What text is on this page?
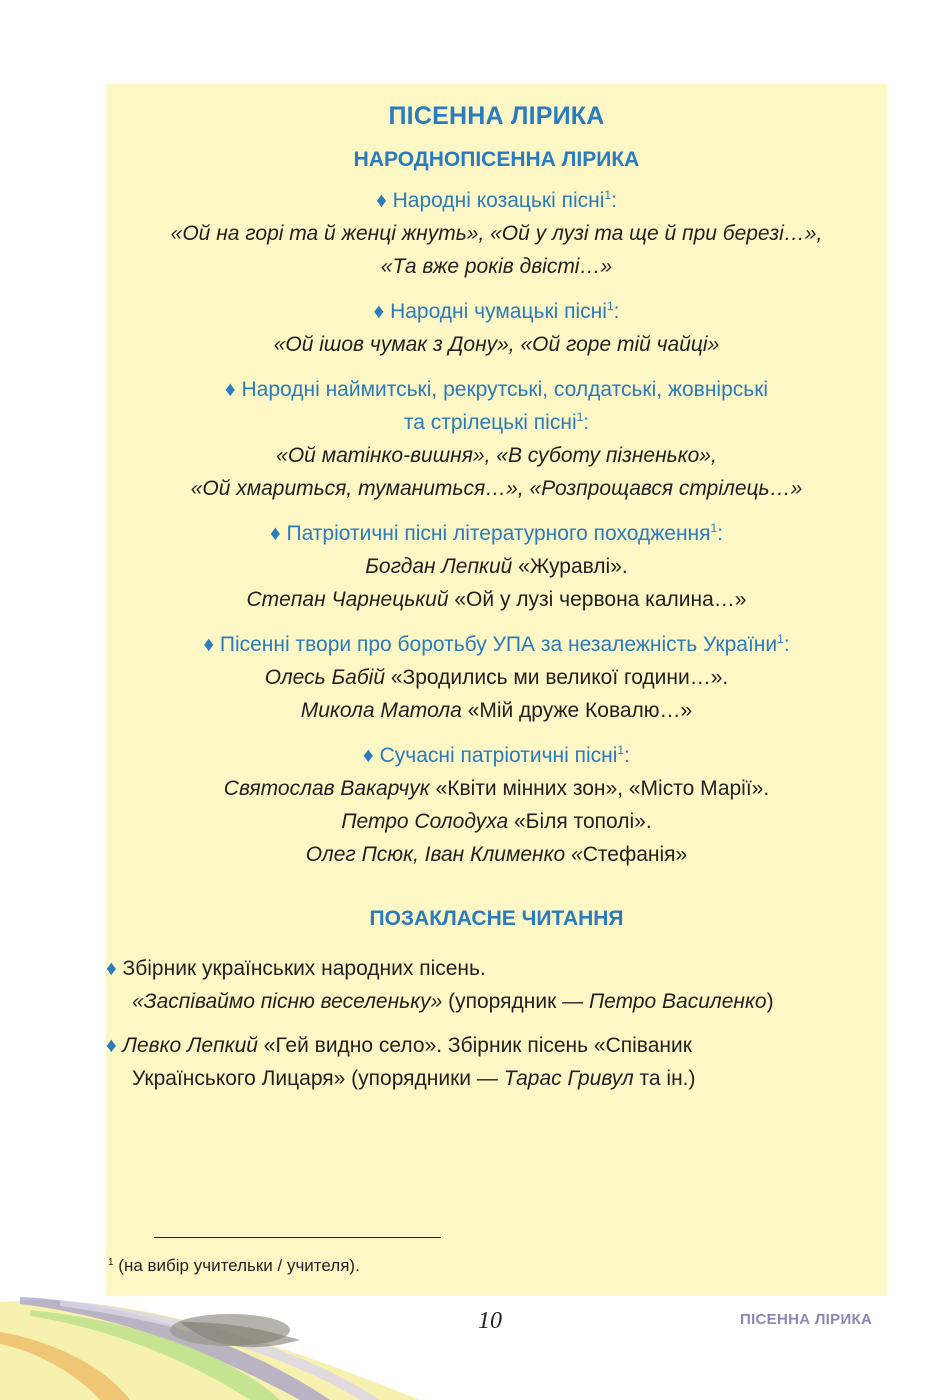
ПІСЕННА ЛІРИКА
НАРОДНОПІСЕННА ЛІРИКА
♦ Народні козацькі пісні$^1$:
«Ой на горі та й женці жнуть», «Ой у лузі та ще й при березі…»,
«Та вже років двісті…»
♦ Народні чумацькі пісні$^1$:
«Ой ішов чумак з Дону», «Ой горе тій чайці»
♦ Народні наймитські, рекрутські, солдатські, жовнірські
та стрілецькі пісні$^1$:
«Ой матінко-вишня», «В суботу пізненько»,
«Ой хмариться, туманиться…», «Розпрощався стрілець…»
♦ Патріотичні пісні літературного походження$^1$:
Богдан Лепкий «Журавлі».
Степан Чарнецький «Ой у лузі червона калина…»
♦ Пісенні твори про боротьбу УПА за незалежність України$^1$:
Олесь Бабій «Зродились ми великої години…».
Микола Матола «Мій друже Ковалю…»
♦ Сучасні патріотичні пісні$^1$:
Святослав Вакарчук «Квіти мінних зон», «Місто Марії».
Петро Солодуха «Біля тополі».
Олег Псюк, Іван Клименко «Стефанія»
ПОЗАКЛАСНЕ ЧИТАННЯ
♦ Збірник українських народних пісень.
«Заспіваймо пісню веселеньку» (упорядник — Петро Василенко)
♦ Левко Лепкий «Гей видно село». Збірник пісень «Співаник
Українського Лицаря» (упорядники — Тарас Гривул та ін.)
$^1$ (на вибір учительки / учителя).
10	ПІСЕННА ЛІРИКА
